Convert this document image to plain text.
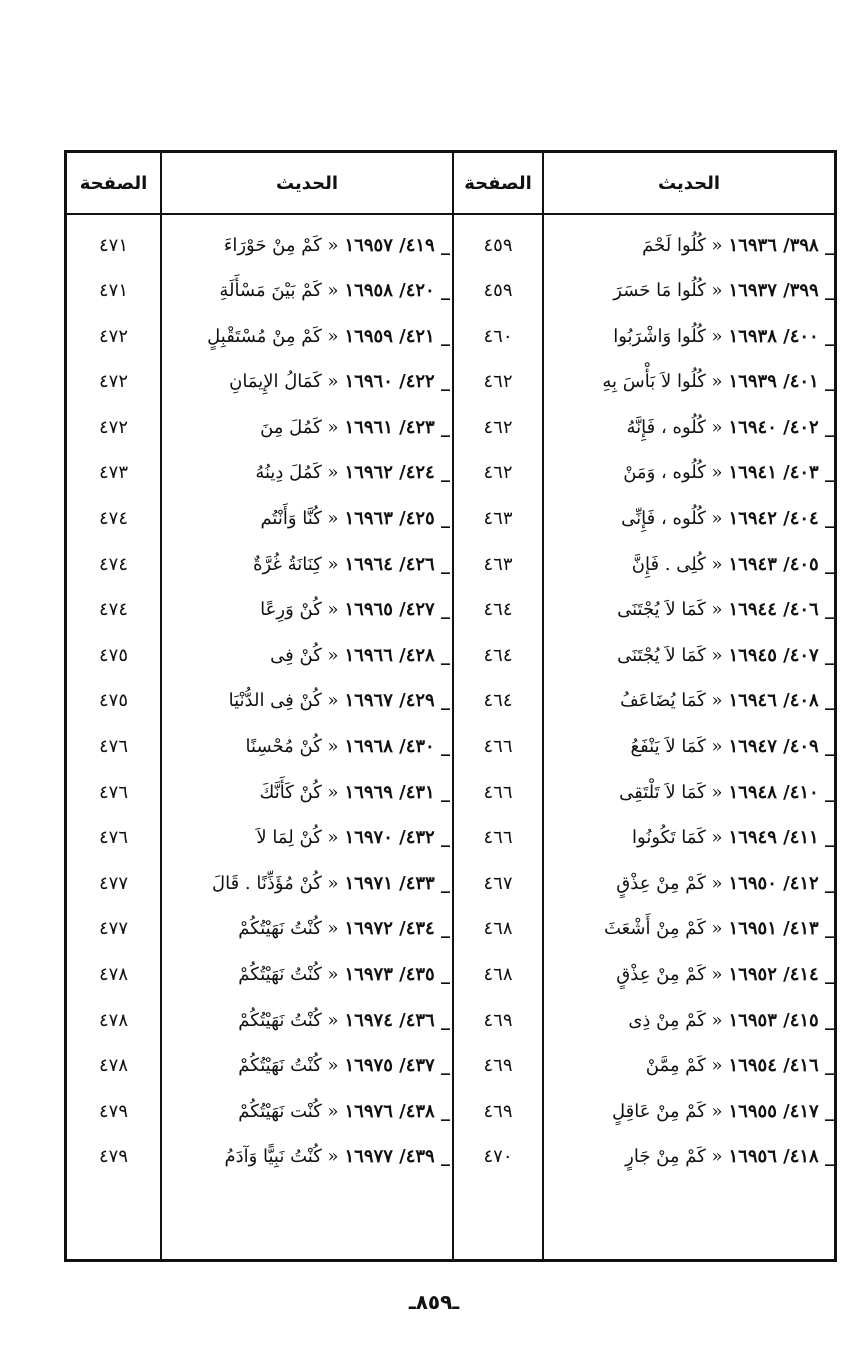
الحديث
الصفحة
الحديث
الصفحة
٣٩٨/ ١٦٩٣٦ _
« كُلُوا لَحْمَ
٤٥٩
٤١٩/ ١٦٩٥٧ _
« كَمْ مِنْ حَوْرَاءَ
٤٧١
٣٩٩/ ١٦٩٣٧ _
« كُلُوا مَا حَسَرَ
٤٥٩
٤٢٠/ ١٦٩٥٨ _
« كَمْ بَيْنَ مَسْأَلَةِ
٤٧١
٤٠٠/ ١٦٩٣٨ _
« كُلُوا وَاشْرَبُوا
٤٦٠
٤٢١/ ١٦٩٥٩ _
« كَمْ مِنْ مُسْتَقْبِلٍ
٤٧٢
٤٠١/ ١٦٩٣٩ _
« كُلُوا لاَ بَأْسَ بِهِ
٤٦٢
٤٢٢/ ١٦٩٦٠ _
« كَمَالُ الإِيمَانِ
٤٧٢
٤٠٢/ ١٦٩٤٠ _
« كُلُوه ، فَإِنَّهُ
٤٦٢
٤٢٣/ ١٦٩٦١ _
« كَمُلَ مِنَ
٤٧٢
٤٠٣/ ١٦٩٤١ _
« كُلُوه ، وَمَنْ
٤٦٢
٤٢٤/ ١٦٩٦٢ _
« كَمُلَ دِينُهُ
٤٧٣
٤٠٤/ ١٦٩٤٢ _
« كُلُوه ، فَإِنِّى
٤٦٣
٤٢٥/ ١٦٩٦٣ _
« كُنَّا وَأَنْتُم
٤٧٤
٤٠٥/ ١٦٩٤٣ _
« كُلِى . فَإِنَّ
٤٦٣
٤٢٦/ ١٦٩٦٤ _
« كِنَانَةُ غُرَّةٌ
٤٧٤
٤٠٦/ ١٦٩٤٤ _
« كَمَا لاَ يُجْتَنَى
٤٦٤
٤٢٧/ ١٦٩٦٥ _
« كُنْ وَرِعًا
٤٧٤
٤٠٧/ ١٦٩٤٥ _
« كَمَا لاَ يُجْتَنَى
٤٦٤
٤٢٨/ ١٦٩٦٦ _
« كُنْ فِى
٤٧٥
٤٠٨/ ١٦٩٤٦ _
« كَمَا يُضَاعَفُ
٤٦٤
٤٢٩/ ١٦٩٦٧ _
« كُنْ فِى الدُّنْيَا
٤٧٥
٤٠٩/ ١٦٩٤٧ _
« كَمَا لاَ يَنْفَعُ
٤٦٦
٤٣٠/ ١٦٩٦٨ _
« كُنْ مُحْسِنًا
٤٧٦
٤١٠/ ١٦٩٤٨ _
« كَمَا لاَ تَلْتَقِى
٤٦٦
٤٣١/ ١٦٩٦٩ _
« كُنْ كَأَنَّكَ
٤٧٦
٤١١/ ١٦٩٤٩ _
« كَمَا تَكُونُوا
٤٦٦
٤٣٢/ ١٦٩٧٠ _
« كُنْ لِمَا لاَ
٤٧٦
٤١٢/ ١٦٩٥٠ _
« كَمْ مِنْ عِذْقٍ
٤٦٧
٤٣٣/ ١٦٩٧١ _
« كُنْ مُؤَذِّنًا . قَالَ
٤٧٧
٤١٣/ ١٦٩٥١ _
« كَمْ مِنْ أَشْعَثَ
٤٦٨
٤٣٤/ ١٦٩٧٢ _
« كُنْتُ نَهَيْتُكُمْ
٤٧٧
٤١٤/ ١٦٩٥٢ _
« كَمْ مِنْ عِذْقٍ
٤٦٨
٤٣٥/ ١٦٩٧٣ _
« كُنْتُ نَهَيْتُكُمْ
٤٧٨
٤١٥/ ١٦٩٥٣ _
« كَمْ مِنْ ذِى
٤٦٩
٤٣٦/ ١٦٩٧٤ _
« كُنْتُ نَهَيْتُكُمْ
٤٧٨
٤١٦/ ١٦٩٥٤ _
« كَمْ مِمَّنْ
٤٦٩
٤٣٧/ ١٦٩٧٥ _
« كُنْتُ نَهَيْتُكُمْ
٤٧٨
٤١٧/ ١٦٩٥٥ _
« كَمْ مِنْ عَاقِلٍ
٤٦٩
٤٣٨/ ١٦٩٧٦ _
« كُنْت نَهَيْتُكُمْ
٤٧٩
٤١٨/ ١٦٩٥٦ _
« كَمْ مِنْ جَارٍ
٤٧٠
٤٣٩/ ١٦٩٧٧ _
« كُنْتُ نَبِيًّا وَآدَمُ
٤٧٩
ـ٨٥٩ـ
